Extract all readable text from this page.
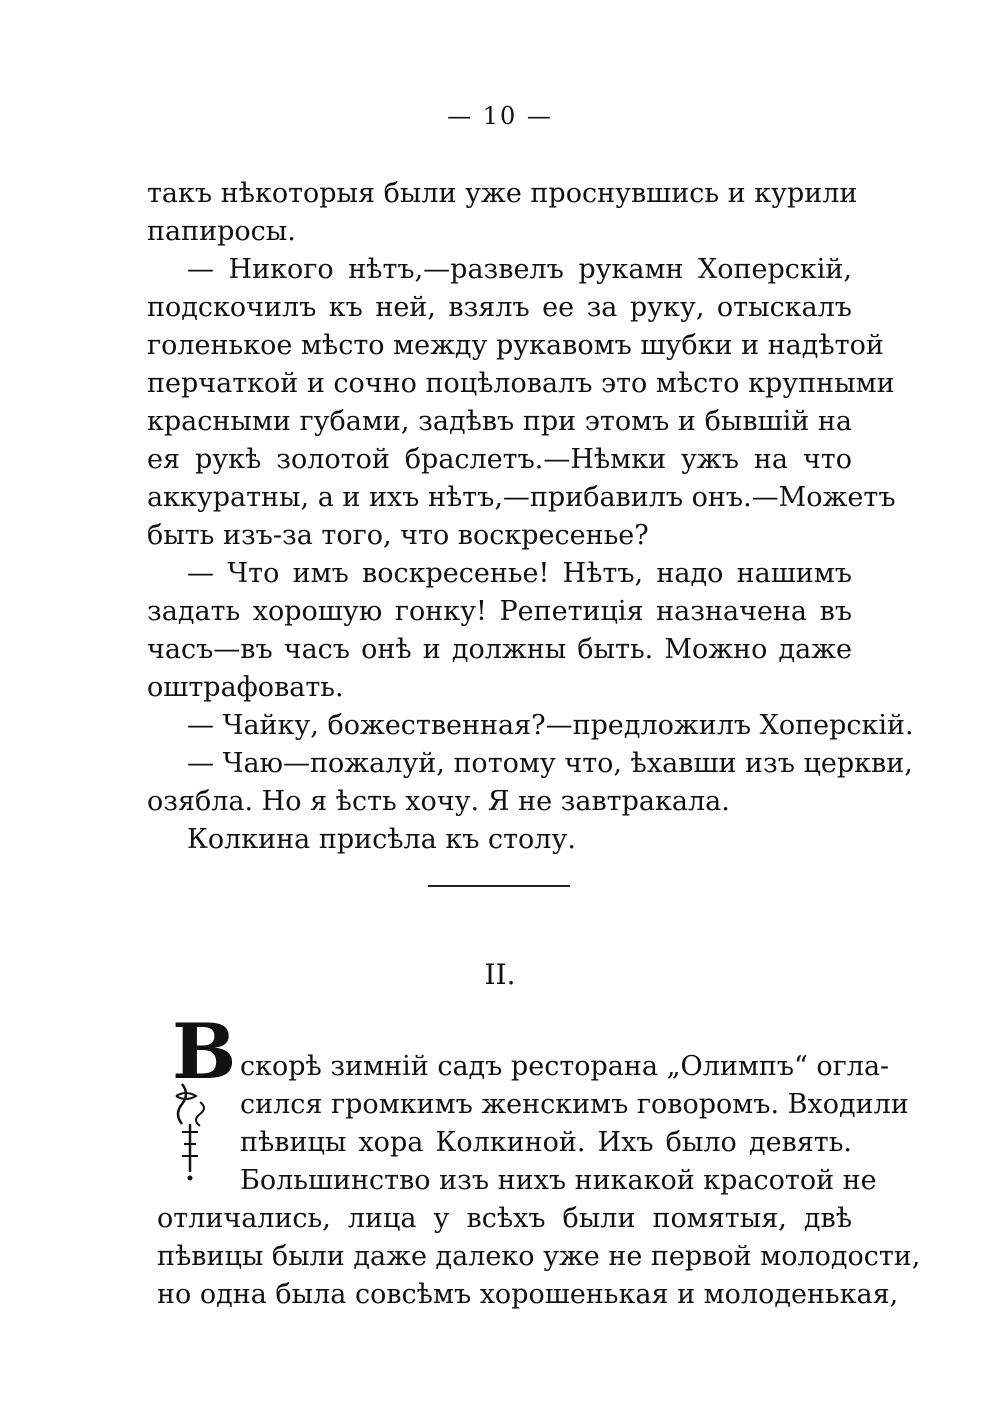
— 10 —
такъ нѣкоторыя были уже проснувшись и курили
папиросы.
— Никого нѣтъ,—развелъ рукамн Хоперскій,
подскочилъ къ ней, взялъ ее за руку, отыскалъ
голенькое мѣсто между рукавомъ шубки и надѣтой
перчаткой и сочно поцѣловалъ это мѣсто крупными
красными губами, задѣвъ при этомъ и бывшій на
ея рукѣ золотой браслетъ.—Нѣмки ужъ на что
аккуратны, а и ихъ нѣтъ,—прибавилъ онъ.—Можетъ
быть изъ-за того, что воскресенье?
— Что имъ воскресенье! Нѣтъ, надо нашимъ
задать хорошую гонку! Репетиція назначена въ
часъ—въ часъ онѣ и должны быть. Можно даже
оштрафовать.
— Чайку, божественная?—предложилъ Хоперскій.
— Чаю—пожалуй, потому что, ѣхавши изъ церкви,
озябла. Но я ѣсть хочу. Я не завтракала.
Колкина присѣла къ столу.
II.
В скорѣ зимній садъ ресторана „Олимпъ“ огла-
сился громкимъ женскимъ говоромъ. Входили
пѣвицы хора Колкиной. Ихъ было девять.
Большинство изъ нихъ никакой красотой не
отличались, лица у всѣхъ были помятыя, двѣ
пѣвицы были даже далеко уже не первой молодости,
но одна была совсѣмъ хорошенькая и молоденькая,
